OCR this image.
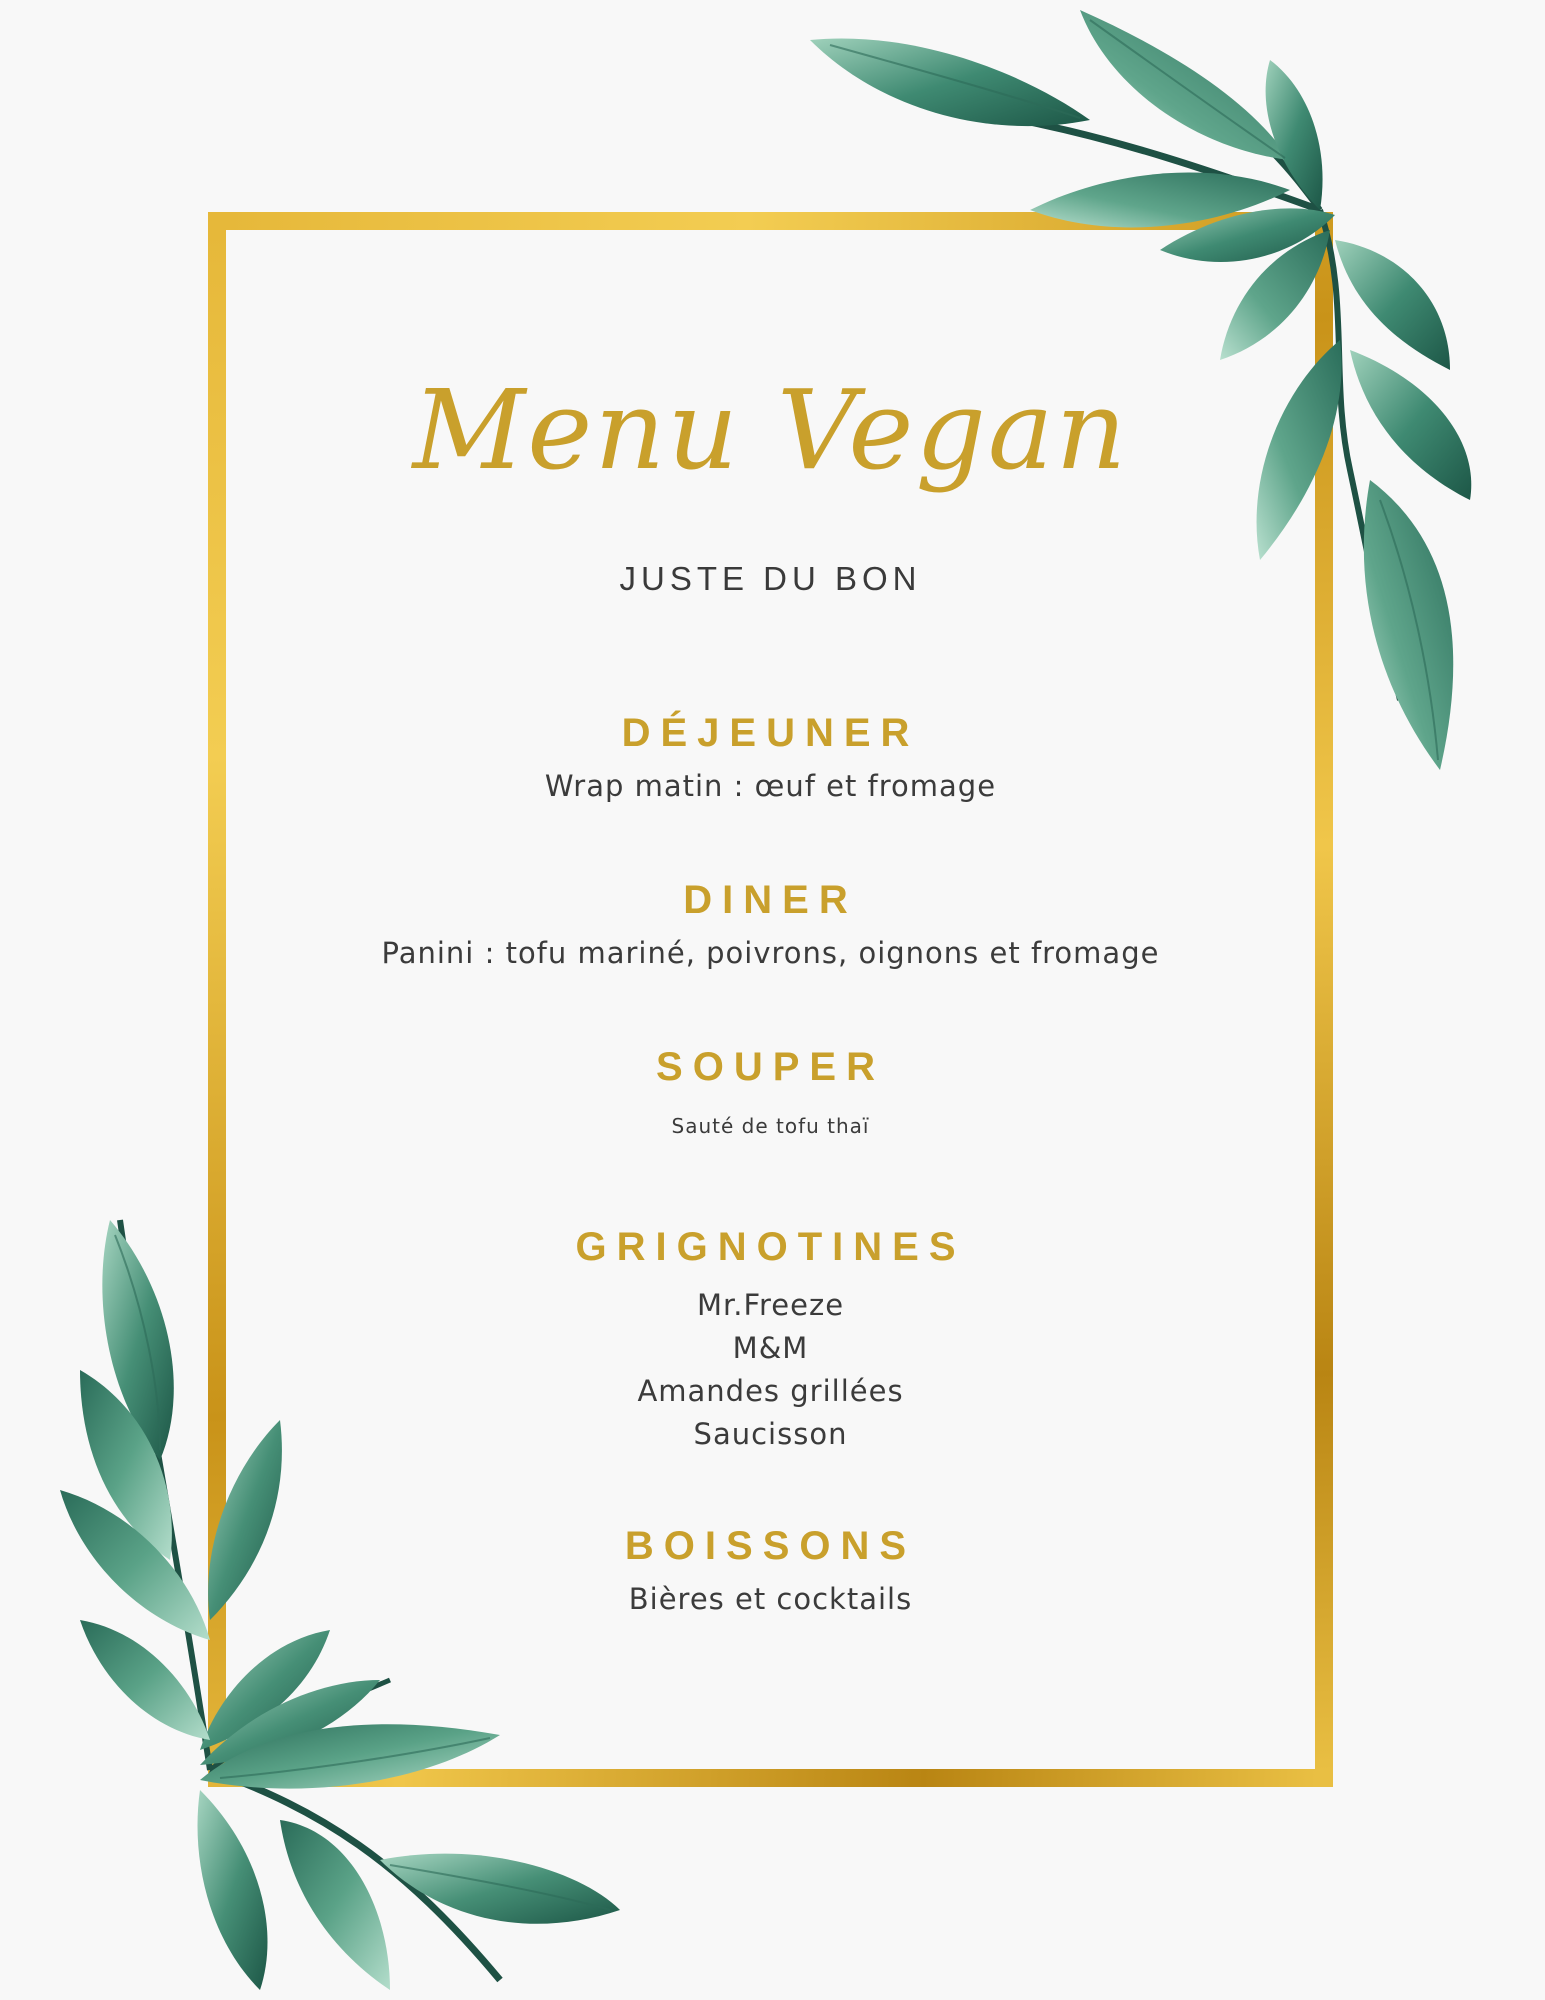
Menu Vegan
JUSTE DU BON
DÉJEUNER
Wrap matin : œuf et fromage
DINER
Panini : tofu mariné, poivrons, oignons et fromage
SOUPER
Sauté de tofu thaï
GRIGNOTINES
Mr.Freeze
M&M
Amandes grillées
Saucisson
BOISSONS
Bières et cocktails
